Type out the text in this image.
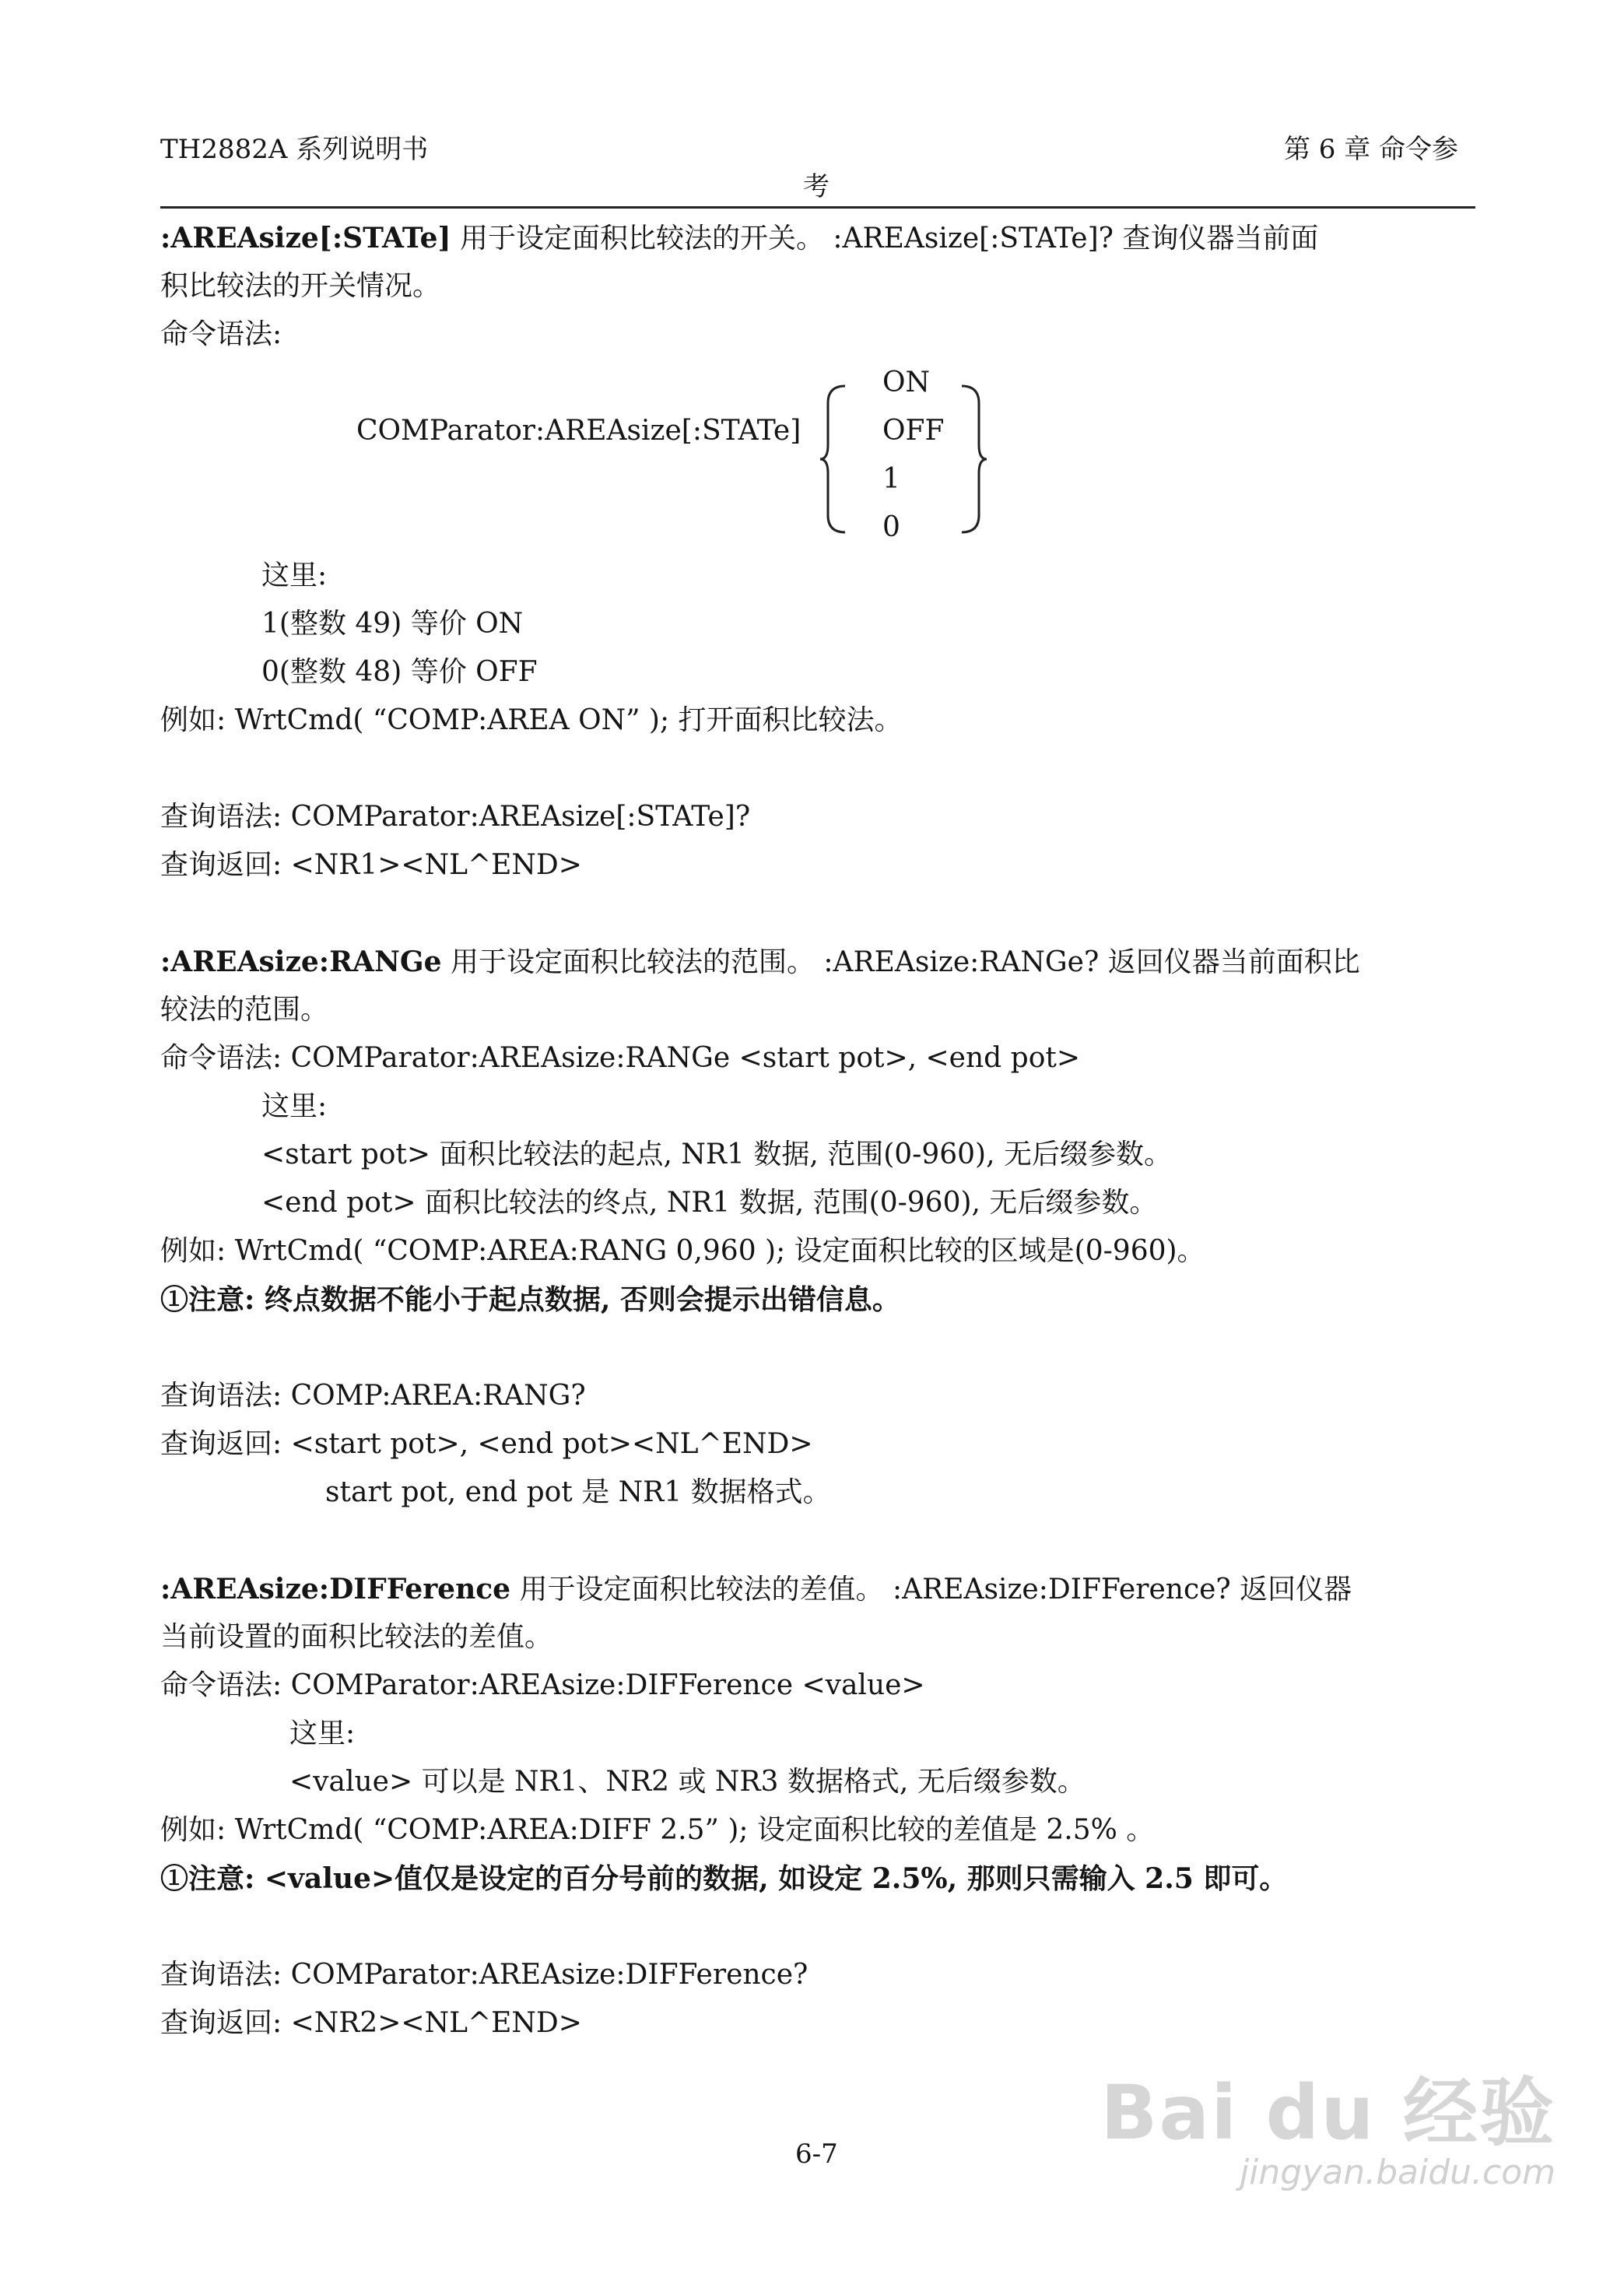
TH2882A 系列说明书	第 6 章 命令参
考
:AREAsize[:STATe] 用于设定面积比较法的开关。 :AREAsize[:STATe]? 查询仪器当前面
积比较法的开关情况。
命令语法:
COMParator:AREAsize[:STATe]
ON
OFF
1
0
这里:
1(整数 49) 等价 ON
0(整数 48) 等价 OFF
例如: WrtCmd( “COMP:AREA ON” ); 打开面积比较法。
查询语法: COMParator:AREAsize[:STATe]?
查询返回: <NR1><NL^END>
:AREAsize:RANGe 用于设定面积比较法的范围。 :AREAsize:RANGe? 返回仪器当前面积比
较法的范围。
命令语法: COMParator:AREAsize:RANGe <start pot>, <end pot>
这里:
<start pot> 面积比较法的起点, NR1 数据, 范围(0-960), 无后缀参数。
<end pot> 面积比较法的终点, NR1 数据, 范围(0-960), 无后缀参数。
例如: WrtCmd( “COMP:AREA:RANG 0,960 ); 设定面积比较的区域是(0-960)。
①注意: 终点数据不能小于起点数据, 否则会提示出错信息。
查询语法: COMP:AREA:RANG?
查询返回: <start pot>, <end pot><NL^END>
start pot, end pot 是 NR1 数据格式。
:AREAsize:DIFFerence 用于设定面积比较法的差值。 :AREAsize:DIFFerence? 返回仪器
当前设置的面积比较法的差值。
命令语法: COMParator:AREAsize:DIFFerence <value>
这里:
<value> 可以是 NR1、NR2 或 NR3 数据格式, 无后缀参数。
例如: WrtCmd( “COMP:AREA:DIFF 2.5” ); 设定面积比较的差值是 2.5% 。
①注意: <value>值仅是设定的百分号前的数据, 如设定 2.5%, 那则只需输入 2.5 即可。
查询语法: COMParator:AREAsize:DIFFerence?
查询返回: <NR2><NL^END>
6-7	Bai du 经验
jingyan.baidu.com
